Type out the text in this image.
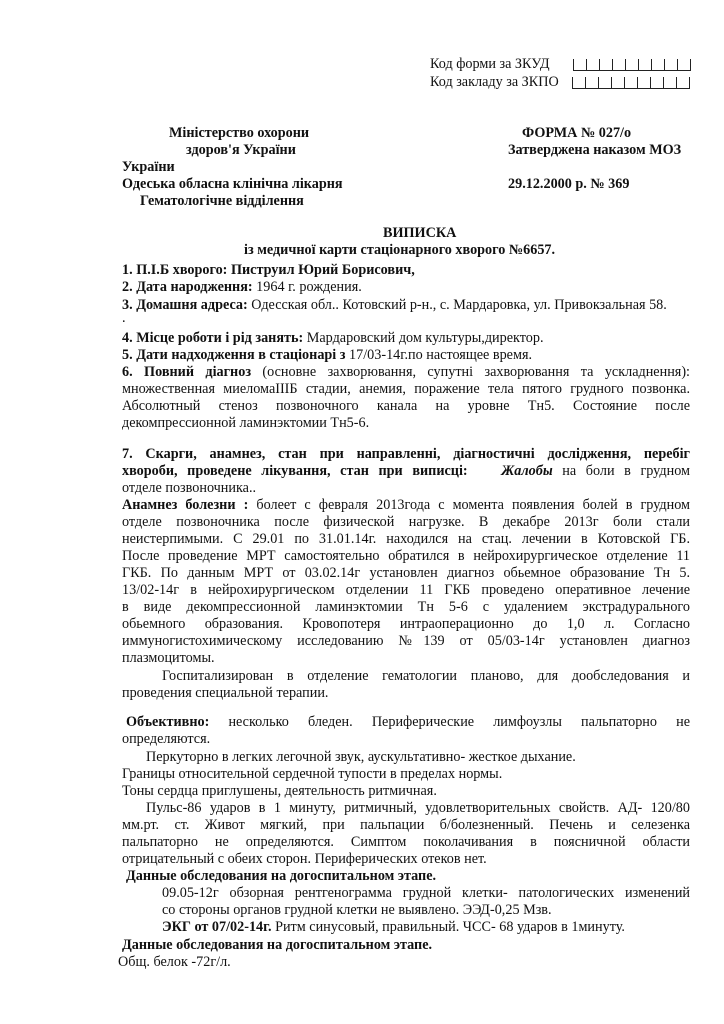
Код форми за ЗКУД
Код закладу за ЗКПО
Міністерство охорони
здоров'я України
України
Одеська обласна клінічна лікарня
Гематологічне відділення
ФОРМА № 027/о
Затверджена наказом МОЗ
29.12.2000 р. № 369
ВИПИСКА
із медичної карти стаціонарного хворого №6657.
1. П.І.Б хворого: Пиструил Юрий Борисович,
2. Дата народження: 1964 г. рождения.
3. Домашня адреса: Одесская обл.. Котовский р-н., с. Мардаровка, ул. Привокзальная 58.
.
4. Місце роботи і рід занять: Мардаровский дом культуры,директор.
5. Дати надходження в стаціонарі з 17/03-14г.по настоящее время.
6. Повний діагноз (основне захворювання, супутні захворювання та ускладнення):
множественная миеломаIIIБ стадии, анемия, поражение тела пятого грудного позвонка.
Абсолютный стеноз позвоночного канала на уровне Тн5. Состояние после
декомпрессионной ламинэктомии Тн5-6.
7. Скарги, анамнез, стан при направленні, діагностичні дослідження, перебіг
хвороби, проведене лікування, стан при виписці: Жалобы на боли в грудном
отделе позвоночника..
Анамнез болезни : болеет с февраля 2013года с момента появления болей в грудном
отделе позвоночника после физической нагрузке. В декабре 2013г боли стали
неистерпимыми. С 29.01 по 31.01.14г. находился на стац. лечении в Котовской ГБ.
После проведение МРТ самоcтоятельно обратился в нейрохирургическое отделение 11
ГКБ. По данным МРТ от 03.02.14г установлен диагноз обьемное образование Тн 5.
13/02-14г в нейрохирургическом отделении 11 ГКБ проведено оперативное лечение
в виде декомпрессионной ламинэктомии Тн 5-6 с удалением экстрадурального
обьемного образования. Кровопотеря интраоперационно до 1,0 л. Согласно
иммуногистохимическому исследованию №139 от 05/03-14г установлен диагноз
плазмоцитомы.
Госпитализирован в отделение гематологии планово, для дообследования и
проведения специальной терапии.
Объективно: несколько бледен. Периферические лимфоузлы пальпаторно не
определяются.
Перкуторно в легких легочной звук, аускультативно- жесткое дыхание.
Границы относительной сердечной тупости в пределах нормы.
Тоны сердца приглушены, деятельность ритмичная.
Пульс-86 ударов в 1 минуту, ритмичный, удовлетворительных свойств. АД- 120/80
мм.рт. ст. Живот мягкий, при пальпации б/болезненный. Печень и селезенка
пальпаторно не определяются. Симптом поколачивания в поясничной области
отрицательный с обеих сторон. Периферических отеков нет.
Данные обследования на догоспитальном этапе.
09.05-12г обзорная рентгенограмма грудной клетки- патологических изменений
со стороны органов грудной клетки не выявлено. ЭЭД-0,25 Мзв.
ЭКГ от 07/02-14г. Ритм синусовый, правильный. ЧСС- 68 ударов в 1минуту.
Данные обследования на догоспитальном этапе.
Общ. белок -72г/л.
